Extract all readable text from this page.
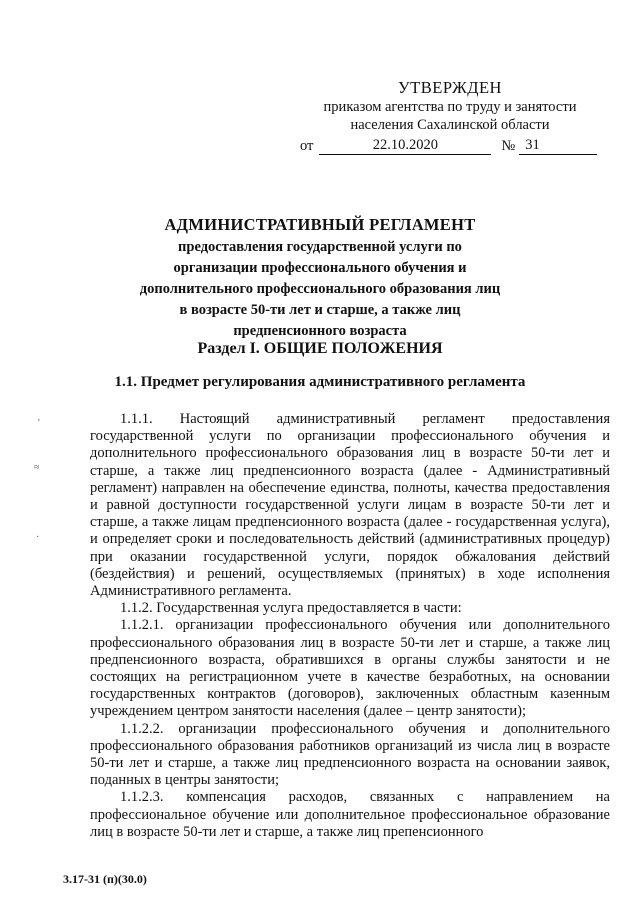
УТВЕРЖДЕН
приказом агентства по труду и занятости
населения Сахалинской области
от	22.10.2020	№ 31
АДМИНИСТРАТИВНЫЙ РЕГЛАМЕНТ
предоставления государственной услуги по
организации профессионального обучения и
дополнительного профессионального образования лиц
в возрасте 50-ти лет и старше, а также лиц
предпенсионного возраста
Раздел I. ОБЩИЕ ПОЛОЖЕНИЯ
1.1. Предмет регулирования административного регламента

1.1.1. Настоящий административный регламент предоставления государственной услуги по организации профессионального обучения и дополнительного профессионального образования лиц в возрасте 50-ти лет и старше, а также лиц предпенсионного возраста (далее - Административный регламент) направлен на обеспечение единства, полноты, качества предоставления и равной доступности государственной услуги лицам в возрасте 50-ти лет и старше, а также лицам предпенсионного возраста (далее - государственная услуга), и определяет сроки и последовательность действий (административных процедур) при оказании государственной услуги, порядок обжалования действий (бездействия) и решений, осуществляемых (принятых) в ходе исполнения Административного регламента.

1.1.2. Государственная услуга предоставляется в части:

1.1.2.1. организации профессионального обучения или дополнительного профессионального образования лиц в возрасте 50-ти лет и старше, а также лиц предпенсионного возраста, обратившихся в органы службы занятости и не состоящих на регистрационном учете в качестве безработных, на основании государственных контрактов (договоров), заключенных областным казенным учреждением центром занятости населения (далее – центр занятости);

1.1.2.2. организации профессионального обучения и дополнительного профессионального образования работников организаций из числа лиц в возрасте 50-ти лет и старше, а также лиц предпенсионного возраста на основании заявок, поданных в центры занятости;

1.1.2.3. компенсация расходов, связанных с направлением на профессиональное обучение или дополнительное профессиональное образование лиц в возрасте 50-ти лет и старше, а также лиц препенсионного

'
≈
·
3.17-31 (п)(30.0)
